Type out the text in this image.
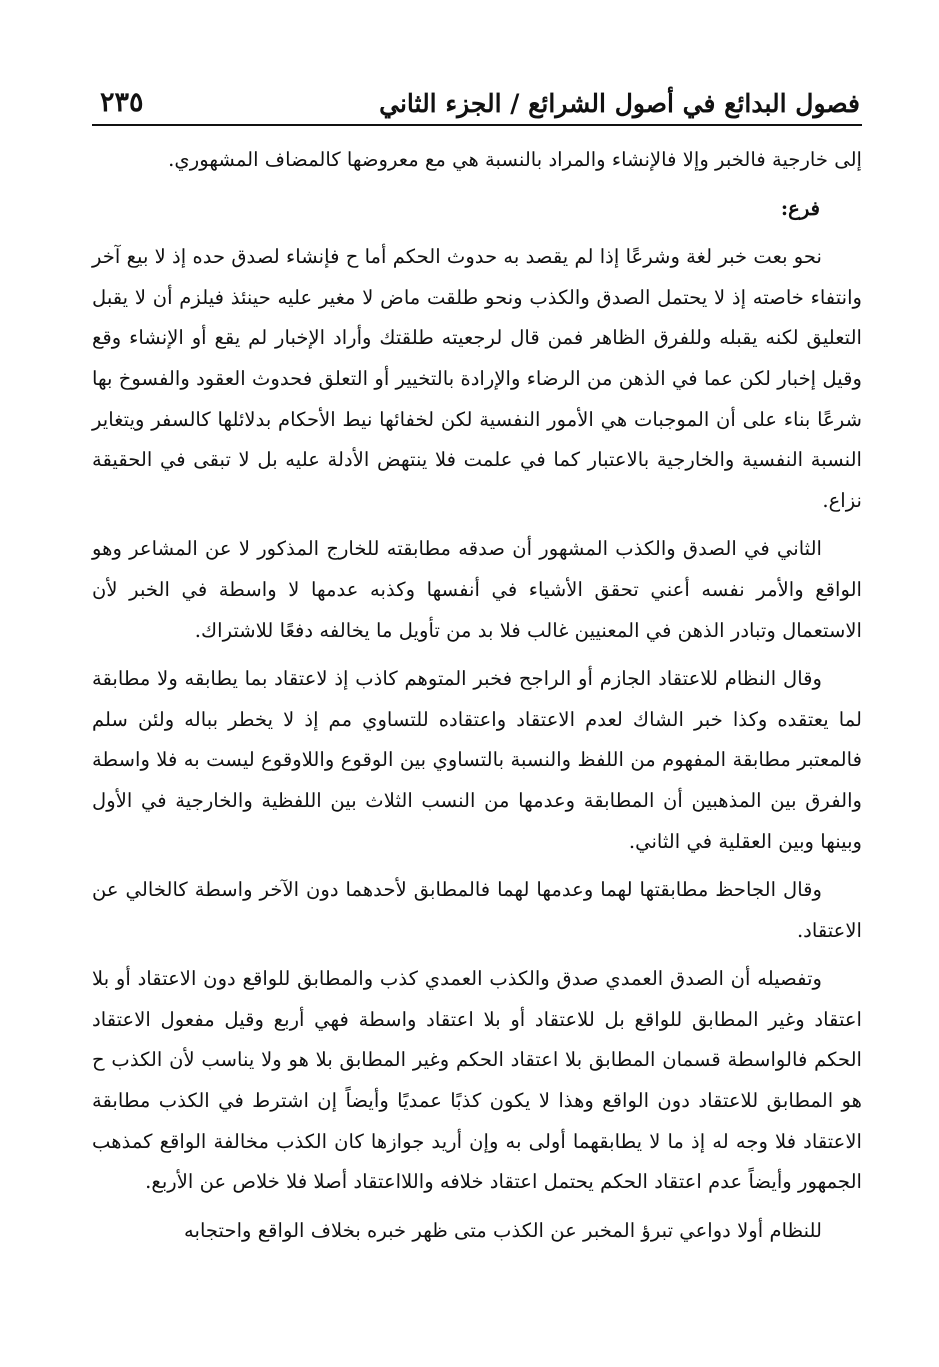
فصول البدائع في أصول الشرائع / الجزء الثاني
٢٣٥

إلى خارجية فالخبر وإلا فالإنشاء والمراد بالنسبة هي مع معروضها كالمضاف المشهوري.

فرع:

نحو بعت خبر لغة وشرعًا إذا لم يقصد به حدوث الحكم أما ح فإنشاء لصدق حده إذ لا بيع آخر وانتفاء خاصته إذ لا يحتمل الصدق والكذب ونحو طلقت ماض لا مغير عليه حينئذ فيلزم أن لا يقبل التعليق لكنه يقبله وللفرق الظاهر فمن قال لرجعيته طلقتك وأراد الإخبار لم يقع أو الإنشاء وقع وقيل إخبار لكن عما في الذهن من الرضاء والإرادة بالتخيير أو التعلق فحدوث العقود والفسوخ بها شرعًا بناء على أن الموجبات هي الأمور النفسية لكن لخفائها نيط الأحكام بدلائلها كالسفر ويتغاير النسبة النفسية والخارجية بالاعتبار كما في علمت فلا ينتهض الأدلة عليه بل لا تبقى في الحقيقة نزاع.

الثاني في الصدق والكذب المشهور أن صدقه مطابقته للخارج المذكور لا عن المشاعر وهو الواقع والأمر نفسه أعني تحقق الأشياء في أنفسها وكذبه عدمها لا واسطة في الخبر لأن الاستعمال وتبادر الذهن في المعنيين غالب فلا بد من تأويل ما يخالفه دفعًا للاشتراك.

وقال النظام للاعتقاد الجازم أو الراجح فخبر المتوهم كاذب إذ لاعتقاد بما يطابقه ولا مطابقة لما يعتقده وكذا خبر الشاك لعدم الاعتقاد واعتقاده للتساوي مم إذ لا يخطر بباله ولئن سلم فالمعتبر مطابقة المفهوم من اللفظ والنسبة بالتساوي بين الوقوع واللاوقوع ليست به فلا واسطة والفرق بين المذهبين أن المطابقة وعدمها من النسب الثلاث بين اللفظية والخارجية في الأول وبينها وبين العقلية في الثاني.

وقال الجاحظ مطابقتها لهما وعدمها لهما فالمطابق لأحدهما دون الآخر واسطة كالخالي عن الاعتقاد.

وتفصيله أن الصدق العمدي صدق والكذب العمدي كذب والمطابق للواقع دون الاعتقاد أو بلا اعتقاد وغير المطابق للواقع بل للاعتقاد أو بلا اعتقاد واسطة فهي أربع وقيل مفعول الاعتقاد الحكم فالواسطة قسمان المطابق بلا اعتقاد الحكم وغير المطابق بلا هو ولا يناسب لأن الكذب ح هو المطابق للاعتقاد دون الواقع وهذا لا يكون كذبًا عمديًا وأيضاً إن اشترط في الكذب مطابقة الاعتقاد فلا وجه له إذ ما لا يطابقهما أولى به وإن أريد جوازها كان الكذب مخالفة الواقع كمذهب الجمهور وأيضاً عدم اعتقاد الحكم يحتمل اعتقاد خلافه واللااعتقاد أصلا فلا خلاص عن الأربع.

للنظام أولا دواعي تبرؤ المخبر عن الكذب متى ظهر خبره بخلاف الواقع واحتجابه
